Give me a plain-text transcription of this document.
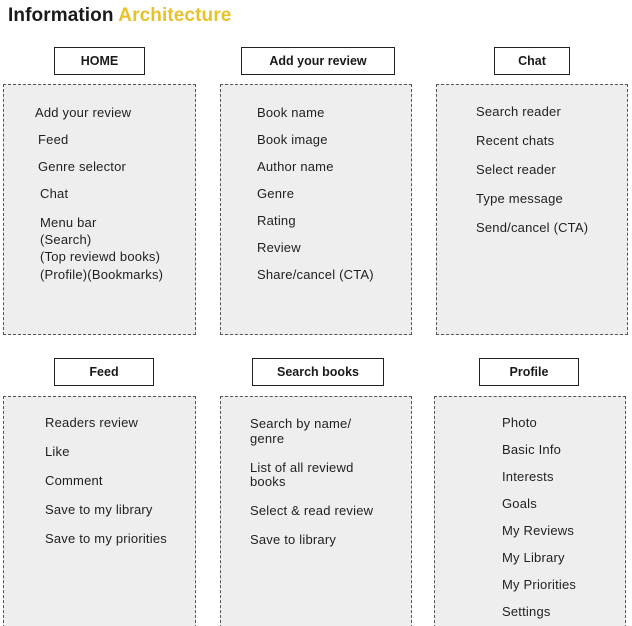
Information Architecture
HOME
Add your review
Feed
Genre selector
Chat
Menu bar
(Search)
(Top reviewd books)
(Profile)(Bookmarks)
Add your review
Book name
Book image
Author name
Genre
Rating
Review
Share/cancel (CTA)
Chat
Search reader
Recent chats
Select reader
Type message
Send/cancel (CTA)
Feed
Readers review
Like
Comment
Save to my library
Save to my priorities
Search books
Search by name/
genre
List of all reviewd
books
Select & read review
Save to library
Profile
Photo
Basic Info
Interests
Goals
My Reviews
My Library
My Priorities
Settings
